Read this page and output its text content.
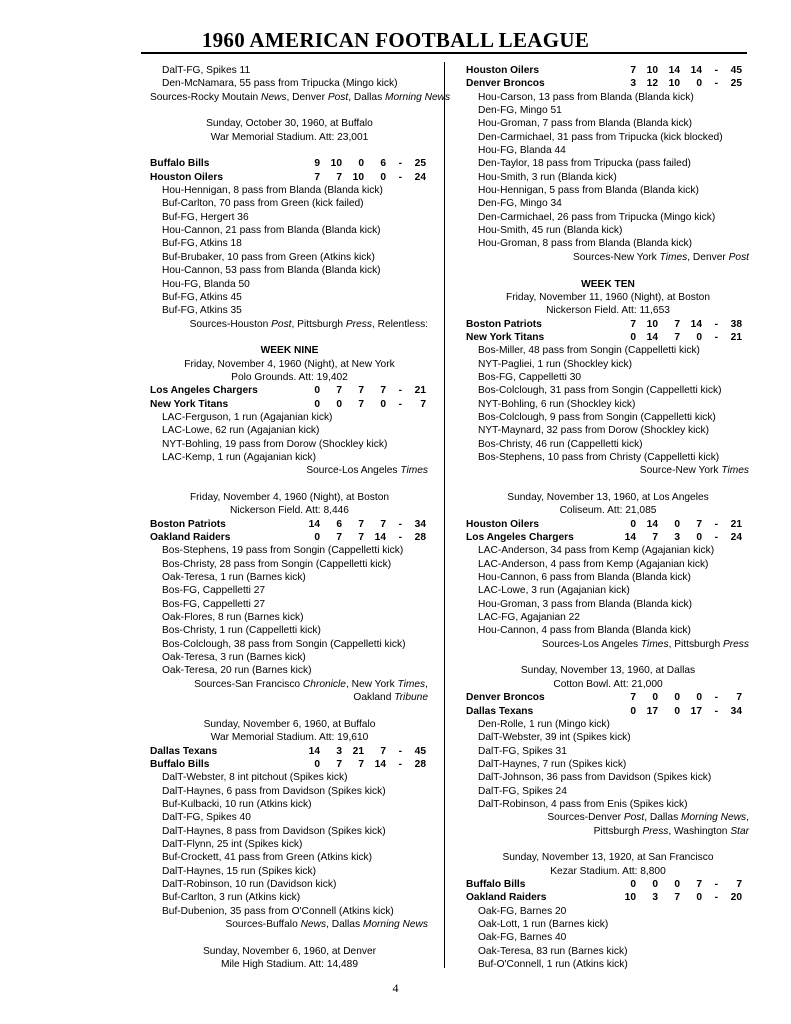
1960 AMERICAN FOOTBALL LEAGUE
DalT-FG, Spikes 11
Den-McNamara, 55 pass from Tripucka (Mingo kick)
Sources-Rocky Moutain News, Denver Post, Dallas Morning News
Sunday, October 30, 1960, at Buffalo
War Memorial Stadium. Att: 23,001
Buffalo Bills	9	10	0	6	-	25
Houston Oilers	7	7	10	0	-	24
Hou-Hennigan, 8 pass from Blanda (Blanda kick)
Buf-Carlton, 70 pass from Green (kick failed)
Buf-FG, Hergert 36
Hou-Cannon, 21 pass from Blanda (Blanda kick)
Buf-FG, Atkins 18
Buf-Brubaker, 10 pass from Green (Atkins kick)
Hou-Cannon, 53 pass from Blanda (Blanda kick)
Hou-FG, Blanda 50
Buf-FG, Atkins 45
Buf-FG, Atkins 35
Sources-Houston Post, Pittsburgh Press, Relentless:
WEEK NINE
Friday, November 4, 1960 (Night), at New York
Polo Grounds. Att: 19,402
Los Angeles Chargers	0	7	7	7	-	21
New York Titans	0	0	7	0	-	7
LAC-Ferguson, 1 run (Agajanian kick)
LAC-Lowe, 62 run (Agajanian kick)
NYT-Bohling, 19 pass from Dorow (Shockley kick)
LAC-Kemp, 1 run (Agajanian kick)
Source-Los Angeles Times
Friday, November 4, 1960 (Night), at Boston
Nickerson Field. Att: 8,446
Boston Patriots	14	6	7	7	-	34
Oakland Raiders	0	7	7	14	-	28
Bos-Stephens, 19 pass from Songin (Cappelletti kick)
Bos-Christy, 28 pass from Songin (Cappelletti kick)
Oak-Teresa, 1 run (Barnes kick)
Bos-FG, Cappelletti 27
Bos-FG, Cappelletti 27
Oak-Flores, 8 run (Barnes kick)
Bos-Christy, 1 run (Cappelletti kick)
Bos-Colclough, 38 pass from Songin (Cappelletti kick)
Oak-Teresa, 3 run (Barnes kick)
Oak-Teresa, 20 run (Barnes kick)
Sources-San Francisco Chronicle, New York Times,
Oakland Tribune
Sunday, November 6, 1960, at Buffalo
War Memorial Stadium. Att: 19,610
Dallas Texans	14	3	21	7	-	45
Buffalo Bills	0	7	7	14	-	28
DalT-Webster, 8 int pitchout (Spikes kick)
DalT-Haynes, 6 pass from Davidson (Spikes kick)
Buf-Kulbacki, 10 run (Atkins kick)
DalT-FG, Spikes 40
DalT-Haynes, 8 pass from Davidson (Spikes kick)
DalT-Flynn, 25 int (Spikes kick)
Buf-Crockett, 41 pass from Green (Atkins kick)
DalT-Haynes, 15 run (Spikes kick)
DalT-Robinson, 10 run (Davidson kick)
Buf-Carlton, 3 run (Atkins kick)
Buf-Dubenion, 35 pass from O'Connell (Atkins kick)
Sources-Buffalo News, Dallas Morning News
Sunday, November 6, 1960, at Denver
Mile High Stadium. Att: 14,489
Houston Oilers	7	10	14	14	-	45
Denver Broncos	3	12	10	0	-	25
Hou-Carson, 13 pass from Blanda (Blanda kick)
Den-FG, Mingo 51
Hou-Groman, 7 pass from Blanda (Blanda kick)
Den-Carmichael, 31 pass from Tripucka (kick blocked)
Hou-FG, Blanda 44
Den-Taylor, 18 pass from Tripucka (pass failed)
Hou-Smith, 3 run (Blanda kick)
Hou-Hennigan, 5 pass from Blanda (Blanda kick)
Den-FG, Mingo 34
Den-Carmichael, 26 pass from Tripucka (Mingo kick)
Hou-Smith, 45 run (Blanda kick)
Hou-Groman, 8 pass from Blanda (Blanda kick)
Sources-New York Times, Denver Post
WEEK TEN
Friday, November 11, 1960 (Night), at Boston
Nickerson Field. Att: 11,653
Boston Patriots	7	10	7	14	-	38
New York Titans	0	14	7	0	-	21
Bos-Miller, 48 pass from Songin (Cappelletti kick)
NYT-Pagliei, 1 run (Shockley kick)
Bos-FG, Cappelletti 30
Bos-Colclough, 31 pass from Songin (Cappelletti kick)
NYT-Bohling, 6 run (Shockley kick)
Bos-Colclough, 9 pass from Songin (Cappelletti kick)
NYT-Maynard, 32 pass from Dorow (Shockley kick)
Bos-Christy, 46 run (Cappelletti kick)
Bos-Stephens, 10 pass from Christy (Cappelletti kick)
Source-New York Times
Sunday, November 13, 1960, at Los Angeles
Coliseum. Att: 21,085
Houston Oilers	0	14	0	7	-	21
Los Angeles Chargers	14	7	3	0	-	24
LAC-Anderson, 34 pass from Kemp (Agajanian kick)
LAC-Anderson, 4 pass from Kemp (Agajanian kick)
Hou-Cannon, 6 pass from Blanda (Blanda kick)
LAC-Lowe, 3 run (Agajanian kick)
Hou-Groman, 3 pass from Blanda (Blanda kick)
LAC-FG, Agajanian 22
Hou-Cannon, 4 pass from Blanda (Blanda kick)
Sources-Los Angeles Times, Pittsburgh Press
Sunday, November 13, 1960, at Dallas
Cotton Bowl. Att: 21,000
Denver Broncos	7	0	0	0	-	7
Dallas Texans	0	17	0	17	-	34
Den-Rolle, 1 run (Mingo kick)
DalT-Webster, 39 int (Spikes kick)
DalT-FG, Spikes 31
DalT-Haynes, 7 run (Spikes kick)
DalT-Johnson, 36 pass from Davidson (Spikes kick)
DalT-FG, Spikes 24
DalT-Robinson, 4 pass from Enis (Spikes kick)
Sources-Denver Post, Dallas Morning News,
Pittsburgh Press, Washington Star
Sunday, November 13, 1920, at San Francisco
Kezar Stadium. Att: 8,800
Buffalo Bills	0	0	0	7	-	7
Oakland Raiders	10	3	7	0	-	20
Oak-FG, Barnes 20
Oak-Lott, 1 run (Barnes kick)
Oak-FG, Barnes 40
Oak-Teresa, 83 run (Barnes kick)
Buf-O'Connell, 1 run (Atkins kick)
4
